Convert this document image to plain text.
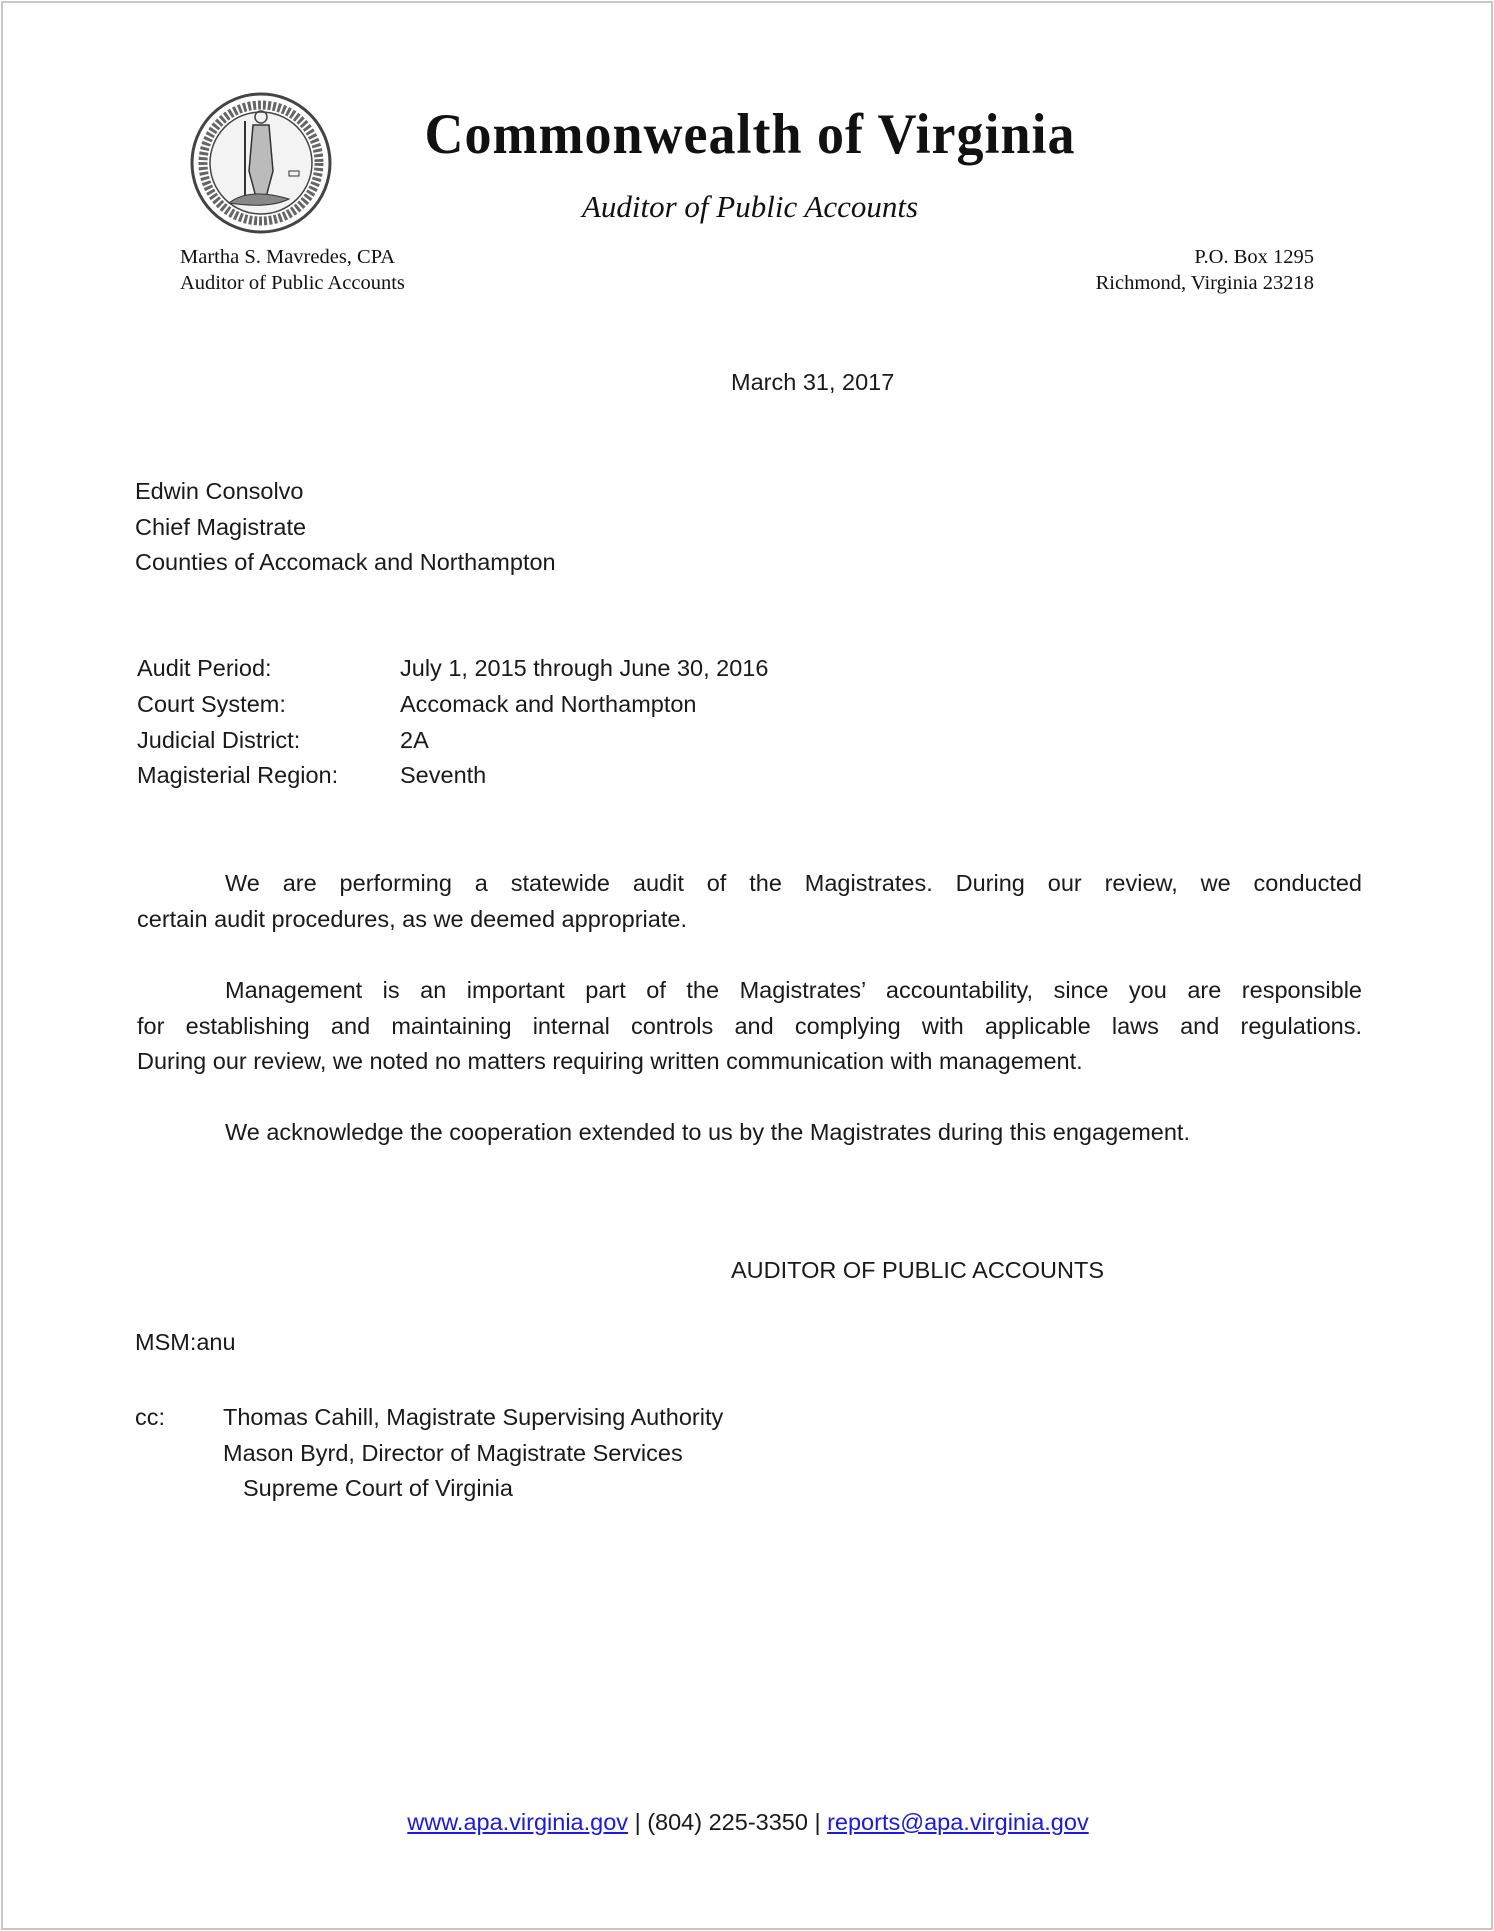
Commonwealth of Virginia
Auditor of Public Accounts
Martha S. Mavredes, CPA
Auditor of Public Accounts
P.O. Box 1295
Richmond, Virginia 23218
March 31, 2017
Edwin Consolvo
Chief Magistrate
Counties of Accomack and Northampton
Audit Period:	July 1, 2015 through June 30, 2016
Court System:	Accomack and Northampton
Judicial District:	2A
Magisterial Region:	Seventh
We are performing a statewide audit of the Magistrates. During our review, we conducted
certain audit procedures, as we deemed appropriate.
Management is an important part of the Magistrates’ accountability, since you are responsible
for establishing and maintaining internal controls and complying with applicable laws and regulations.
During our review, we noted no matters requiring written communication with management.
We acknowledge the cooperation extended to us by the Magistrates during this engagement.
AUDITOR OF PUBLIC ACCOUNTS
MSM:anu
cc: Thomas Cahill, Magistrate Supervising Authority
Mason Byrd, Director of Magistrate Services
Supreme Court of Virginia
www.apa.virginia.gov | (804) 225-3350 | reports@apa.virginia.gov
